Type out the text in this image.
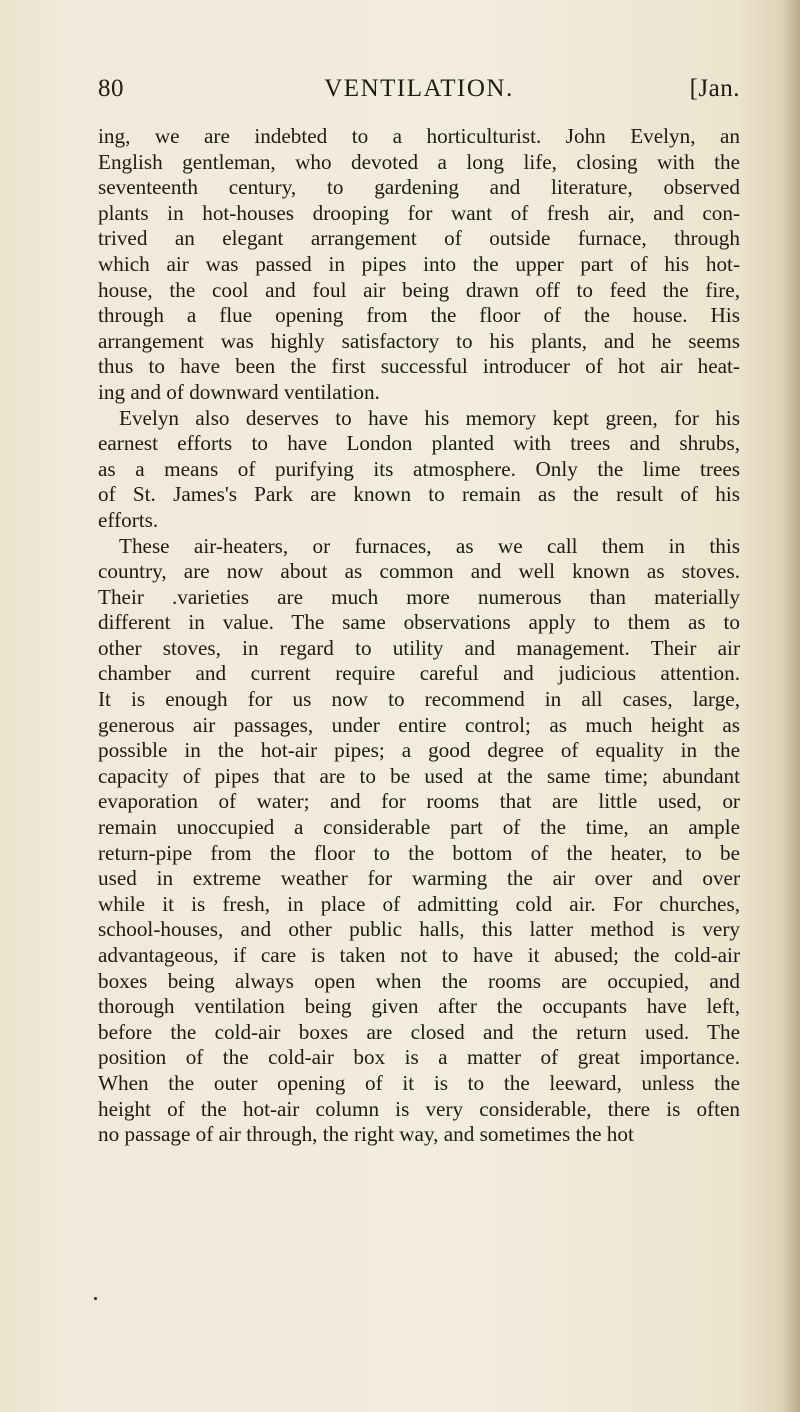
VENTILATION.
80	[Jan.

ing, we are indebted to a horticulturist. John Evelyn, an
English gentleman, who devoted a long life, closing with the
seventeenth century, to gardening and literature, observed
plants in hot-houses drooping for want of fresh air, and con-
trived an elegant arrangement of outside furnace, through
which air was passed in pipes into the upper part of his hot-
house, the cool and foul air being drawn off to feed the fire,
through a flue opening from the floor of the house. His
arrangement was highly satisfactory to his plants, and he seems
thus to have been the first successful introducer of hot air heat-
ing and of downward ventilation.

Evelyn also deserves to have his memory kept green, for his
earnest efforts to have London planted with trees and shrubs,
as a means of purifying its atmosphere. Only the lime trees
of St. James's Park are known to remain as the result of his
efforts.

These air-heaters, or furnaces, as we call them in this
country, are now about as common and well known as stoves.
Their .varieties are much more numerous than materially
different in value. The same observations apply to them as to
other stoves, in regard to utility and management. Their air
chamber and current require careful and judicious attention.
It is enough for us now to recommend in all cases, large,
generous air passages, under entire control; as much height as
possible in the hot-air pipes; a good degree of equality in the
capacity of pipes that are to be used at the same time; abundant
evaporation of water; and for rooms that are little used, or
remain unoccupied a considerable part of the time, an ample
return-pipe from the floor to the bottom of the heater, to be
used in extreme weather for warming the air over and over
while it is fresh, in place of admitting cold air. For churches,
school-houses, and other public halls, this latter method is very
advantageous, if care is taken not to have it abused; the cold-air
boxes being always open when the rooms are occupied, and
thorough ventilation being given after the occupants have left,
before the cold-air boxes are closed and the return used. The
position of the cold-air box is a matter of great importance.
When the outer opening of it is to the leeward, unless the
height of the hot-air column is very considerable, there is often
no passage of air through, the right way, and sometimes the hot
